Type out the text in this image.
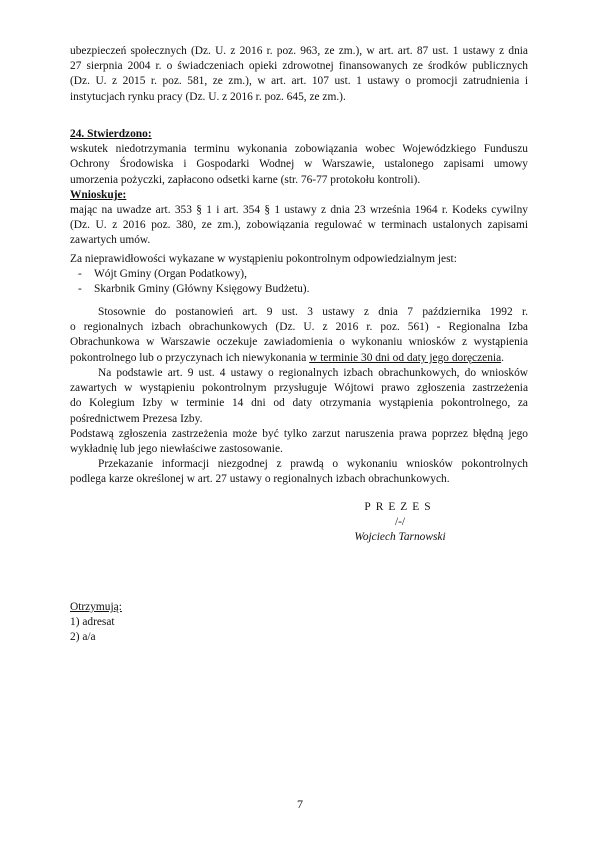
ubezpieczeń społecznych (Dz. U. z 2016 r. poz. 963, ze zm.), w art. art. 87 ust. 1 ustawy z dnia
27 sierpnia 2004 r. o świadczeniach opieki zdrowotnej finansowanych ze środków publicznych
(Dz. U. z 2015 r. poz. 581, ze zm.), w art. art. 107 ust. 1 ustawy o promocji zatrudnienia i
instytucjach rynku pracy (Dz. U. z 2016 r. poz. 645, ze zm.).
24. Stwierdzono:
wskutek niedotrzymania terminu wykonania zobowiązania wobec Wojewódzkiego Funduszu
Ochrony Środowiska i Gospodarki Wodnej w Warszawie, ustalonego zapisami umowy
umorzenia pożyczki, zapłacono odsetki karne (str. 76-77 protokołu kontroli).
Wnioskuje:
mając na uwadze art. 353 § 1 i art. 354 § 1 ustawy z dnia 23 września 1964 r. Kodeks cywilny
(Dz. U. z 2016 poz. 380, ze zm.), zobowiązania regulować w terminach ustalonych zapisami
zawartych umów.
Za nieprawidłowości wykazane w wystąpieniu pokontrolnym odpowiedzialnym jest:
- Wójt Gminy (Organ Podatkowy),
- Skarbnik Gminy (Główny Księgowy Budżetu).
Stosownie do postanowień art. 9 ust. 3 ustawy z dnia 7 października 1992 r.
o regionalnych izbach obrachunkowych (Dz. U. z 2016 r. poz. 561) - Regionalna Izba
Obrachunkowa w Warszawie oczekuje zawiadomienia o wykonaniu wniosków z wystąpienia
pokontrolnego lub o przyczynach ich niewykonania w terminie 30 dni od daty jego doręczenia.
Na podstawie art. 9 ust. 4 ustawy o regionalnych izbach obrachunkowych, do wniosków
zawartych w wystąpieniu pokontrolnym przysługuje Wójtowi prawo zgłoszenia zastrzeżenia
do Kolegium Izby w terminie 14 dni od daty otrzymania wystąpienia pokontrolnego, za
pośrednictwem Prezesa Izby.
Podstawą zgłoszenia zastrzeżenia może być tylko zarzut naruszenia prawa poprzez błędną jego
wykładnię lub jego niewłaściwe zastosowanie.
Przekazanie informacji niezgodnej z prawdą o wykonaniu wniosków pokontrolnych
podlega karze określonej w art. 27 ustawy o regionalnych izbach obrachunkowych.
PREZES
/-/
Wojciech Tarnowski
Otrzymują:
1) adresat
2) a/a
7
